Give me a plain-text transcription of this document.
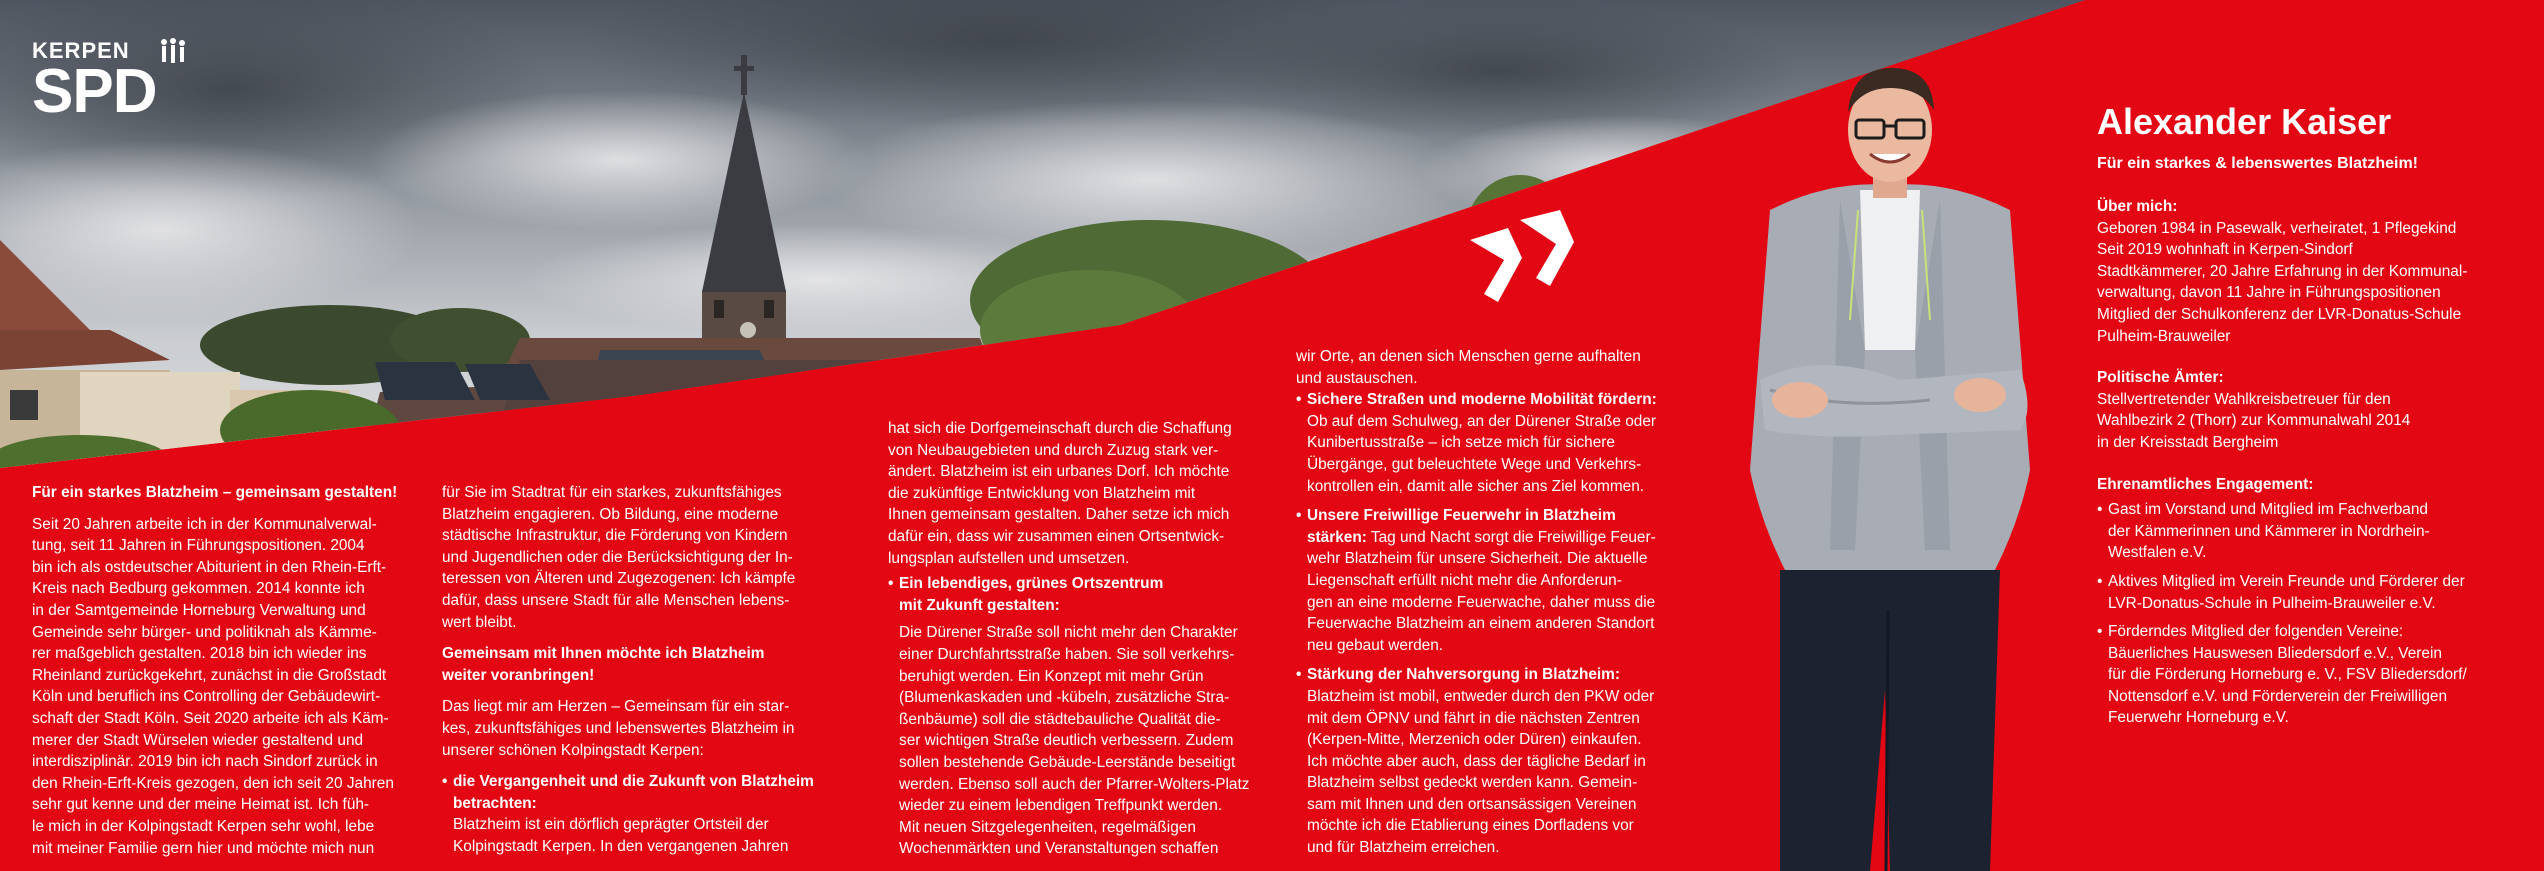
KERPEN
SPD

Für ein starkes Blatzheim – gemeinsam gestalten!

Seit 20 Jahren arbeite ich in der Kommunalverwal-

tung, seit 11 Jahren in Führungspositionen. 2004

bin ich als ostdeutscher Abiturient in den Rhein-Erft-

Kreis nach Bedburg gekommen. 2014 konnte ich

in der Samtgemeinde Horneburg Verwaltung und

Gemeinde sehr bürger- und politiknah als Kämme-

rer maßgeblich gestalten. 2018 bin ich wieder ins

Rheinland zurückgekehrt, zunächst in die Großstadt

Köln und beruflich ins Controlling der Gebäudewirt-

schaft der Stadt Köln. Seit 2020 arbeite ich als Käm-

merer der Stadt Würselen wieder gestaltend und

interdisziplinär. 2019 bin ich nach Sindorf zurück in

den Rhein-Erft-Kreis gezogen, den ich seit 20 Jahren

sehr gut kenne und der meine Heimat ist. Ich füh-

le mich in der Kolpingstadt Kerpen sehr wohl, lebe

mit meiner Familie gern hier und möchte mich nun

für Sie im Stadtrat für ein starkes, zukunftsfähiges

Blatzheim engagieren. Ob Bildung, eine moderne

städtische Infrastruktur, die Förderung von Kindern

und Jugendlichen oder die Berücksichtigung der In-

teressen von Älteren und Zugezogenen: Ich kämpfe

dafür, dass unsere Stadt für alle Menschen lebens-

wert bleibt.

Gemeinsam mit Ihnen möchte ich Blatzheim

weiter voranbringen!

Das liegt mir am Herzen – Gemeinsam für ein star-

kes, zukunftsfähiges und lebenswertes Blatzheim in

unserer schönen Kolpingstadt Kerpen:

• die Vergangenheit und die Zukunft von Blatzheim

betrachten:

Blatzheim ist ein dörflich geprägter Ortsteil der

Kolpingstadt Kerpen. In den vergangenen Jahren

hat sich die Dorfgemeinschaft durch die Schaffung

von Neubaugebieten und durch Zuzug stark ver-

ändert. Blatzheim ist ein urbanes Dorf. Ich möchte

die zukünftige Entwicklung von Blatzheim mit

Ihnen gemeinsam gestalten. Daher setze ich mich

dafür ein, dass wir zusammen einen Ortsentwick-

lungsplan aufstellen und umsetzen.

• Ein lebendiges, grünes Ortszentrum

mit Zukunft gestalten:

Die Dürener Straße soll nicht mehr den Charakter

einer Durchfahrtsstraße haben. Sie soll verkehrs-

beruhigt werden. Ein Konzept mit mehr Grün

(Blumenkaskaden und -kübeln, zusätzliche Stra-

ßenbäume) soll die städtebauliche Qualität die-

ser wichtigen Straße deutlich verbessern. Zudem

sollen bestehende Gebäude-Leerstände beseitigt

werden. Ebenso soll auch der Pfarrer-Wolters-Platz

wieder zu einem lebendigen Treffpunkt werden.

Mit neuen Sitzgelegenheiten, regelmäßigen

Wochenmärkten und Veranstaltungen schaffen

wir Orte, an denen sich Menschen gerne aufhalten

und austauschen.

• Sichere Straßen und moderne Mobilität fördern:

Ob auf dem Schulweg, an der Dürener Straße oder

Kunibertusstraße – ich setze mich für sichere

Übergänge, gut beleuchtete Wege und Verkehrs-

kontrollen ein, damit alle sicher ans Ziel kommen.

• Unsere Freiwillige Feuerwehr in Blatzheim

stärken: Tag und Nacht sorgt die Freiwillige Feuer-

wehr Blatzheim für unsere Sicherheit. Die aktuelle

Liegenschaft erfüllt nicht mehr die Anforderun-

gen an eine moderne Feuerwache, daher muss die

Feuerwache Blatzheim an einem anderen Standort

neu gebaut werden.

• Stärkung der Nahversorgung in Blatzheim:

Blatzheim ist mobil, entweder durch den PKW oder

mit dem ÖPNV und fährt in die nächsten Zentren

(Kerpen-Mitte, Merzenich oder Düren) einkaufen.

Ich möchte aber auch, dass der tägliche Bedarf in

Blatzheim selbst gedeckt werden kann. Gemein-

sam mit Ihnen und den ortsansässigen Vereinen

möchte ich die Etablierung eines Dorfladens vor

und für Blatzheim erreichen.

Alexander Kaiser
Für ein starkes & lebenswertes Blatzheim!
Über mich:
Geboren 1984 in Pasewalk, verheiratet, 1 Pflegekind
Seit 2019 wohnhaft in Kerpen-Sindorf
Stadtkämmerer, 20 Jahre Erfahrung in der Kommunal-
verwaltung, davon 11 Jahre in Führungspositionen
Mitglied der Schulkonferenz der LVR-Donatus-Schule
Pulheim-Brauweiler
Politische Ämter:
Stellvertretender Wahlkreisbetreuer für den
Wahlbezirk 2 (Thorr) zur Kommunalwahl 2014
in der Kreisstadt Bergheim
Ehrenamtliches Engagement:
• Gast im Vorstand und Mitglied im Fachverband
der Kämmerinnen und Kämmerer in Nordrhein-
Westfalen e.V.
• Aktives Mitglied im Verein Freunde und Förderer der
LVR-Donatus-Schule in Pulheim-Brauweiler e.V.
• Förderndes Mitglied der folgenden Vereine:
Bäuerliches Hauswesen Bliedersdorf e.V., Verein
für die Förderung Horneburg e. V., FSV Bliedersdorf/
Nottensdorf e.V. und Förderverein der Freiwilligen
Feuerwehr Horneburg e.V.
